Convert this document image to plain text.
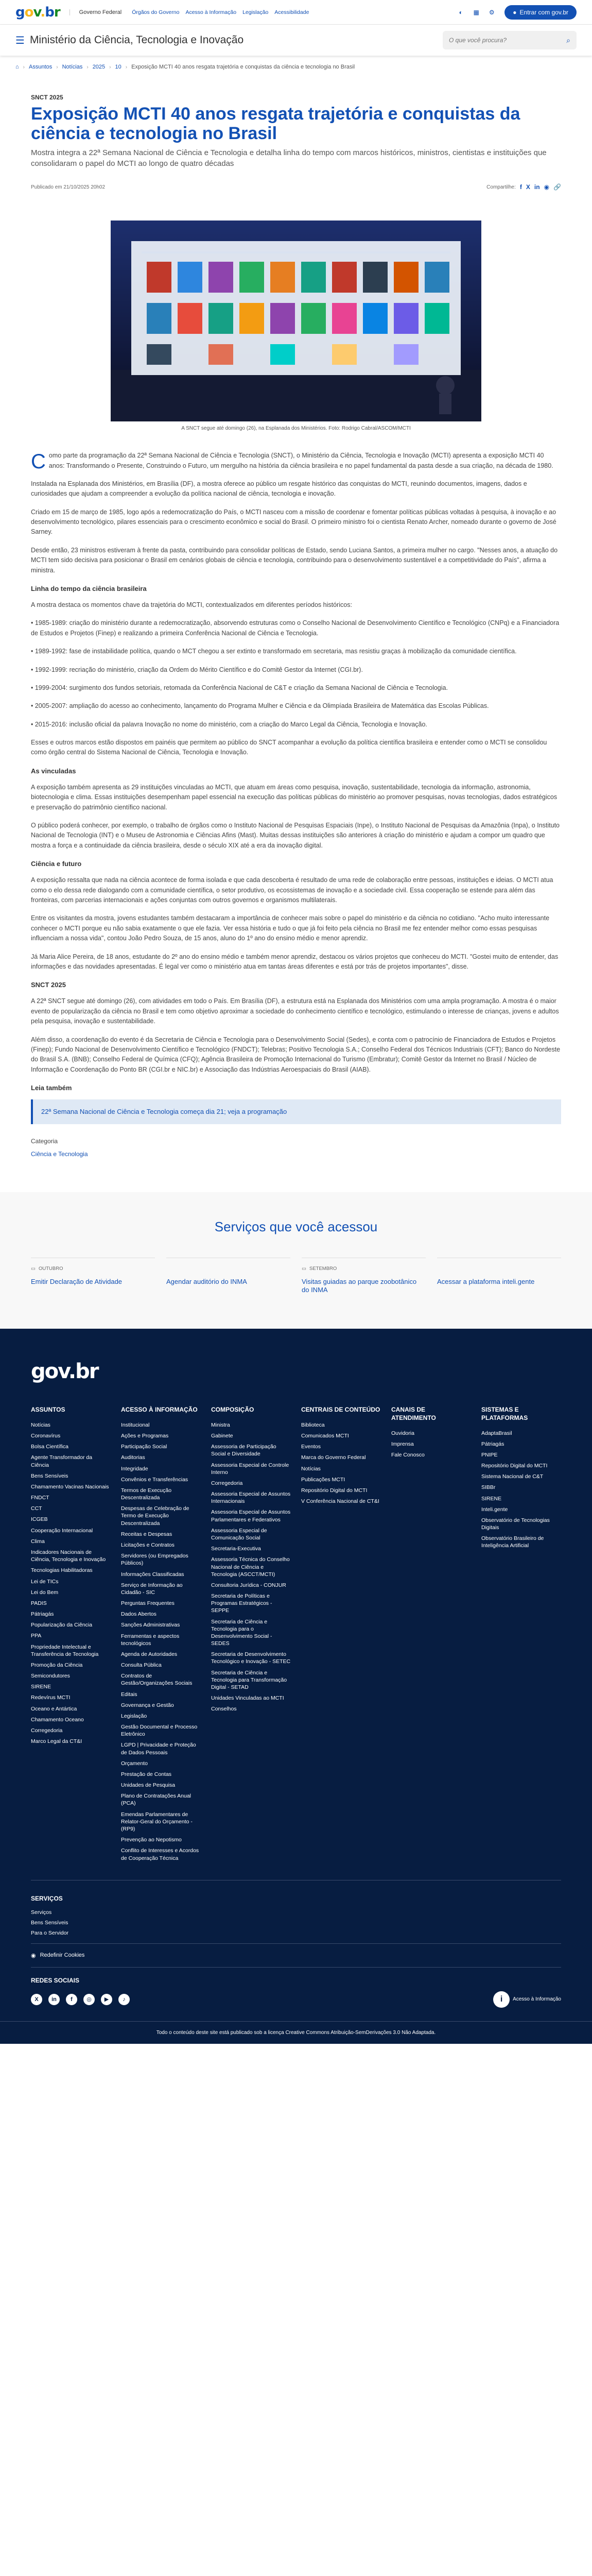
gov.br	Governo Federal Órgãos do Governo Acesso à Informação Legislação Acessibilidade	◐	▦	⚙	● Entrar com gov.br
☰ Ministério da Ciência, Tecnologia e Inovação
O que você procura?	⌕
⌂ › Assuntos › Notícias › 2025 › 10 › Exposição MCTI 40 anos resgata trajetória e conquistas da ciência e tecnologia no Brasil
SNCT 2025
Exposição MCTI 40 anos resgata trajetória e conquistas da ciência e tecnologia no Brasil
Mostra integra a 22ª Semana Nacional de Ciência e Tecnologia e detalha linha do tempo com marcos históricos, ministros, cientistas e instituições que consolidaram o papel do MCTI ao longo de quatro décadas
Publicado em 21/10/2025 20h02	Compartilhe: f X in ◉ 🔗
A SNCT segue até domingo (26), na Esplanada dos Ministérios. Foto: Rodrigo Cabral/ASCOM/MCTI

Como parte da programação da 22ª Semana Nacional de Ciência e Tecnologia (SNCT), o Ministério da Ciência, Tecnologia e Inovação (MCTI) apresenta a exposição MCTI 40 anos: Transformando o Presente, Construindo o Futuro, um mergulho na história da ciência brasileira e no papel fundamental da pasta desde a sua criação, na década de 1980.

Instalada na Esplanada dos Ministérios, em Brasília (DF), a mostra oferece ao público um resgate histórico das conquistas do MCTI, reunindo documentos, imagens, dados e curiosidades que ajudam a compreender a evolução da política nacional de ciência, tecnologia e inovação.

Criado em 15 de março de 1985, logo após a redemocratização do País, o MCTI nasceu com a missão de coordenar e fomentar políticas públicas voltadas à pesquisa, à inovação e ao desenvolvimento tecnológico, pilares essenciais para o crescimento econômico e social do Brasil. O primeiro ministro foi o cientista Renato Archer, nomeado durante o governo de José Sarney.

Desde então, 23 ministros estiveram à frente da pasta, contribuindo para consolidar políticas de Estado, sendo Luciana Santos, a primeira mulher no cargo. "Nesses anos, a atuação do MCTI tem sido decisiva para posicionar o Brasil em cenários globais de ciência e tecnologia, contribuindo para o desenvolvimento sustentável e a competitividade do País", afirma a ministra.

Linha do tempo da ciência brasileira

A mostra destaca os momentos chave da trajetória do MCTI, contextualizados em diferentes períodos históricos:

• 1985-1989: criação do ministério durante a redemocratização, absorvendo estruturas como o Conselho Nacional de Desenvolvimento Científico e Tecnológico (CNPq) e a Financiadora de Estudos e Projetos (Finep) e realizando a primeira Conferência Nacional de Ciência e Tecnologia.

• 1989-1992: fase de instabilidade política, quando o MCT chegou a ser extinto e transformado em secretaria, mas resistiu graças à mobilização da comunidade científica.

• 1992-1999: recriação do ministério, criação da Ordem do Mérito Científico e do Comitê Gestor da Internet (CGI.br).

• 1999-2004: surgimento dos fundos setoriais, retomada da Conferência Nacional de C&T e criação da Semana Nacional de Ciência e Tecnologia.

• 2005-2007: ampliação do acesso ao conhecimento, lançamento do Programa Mulher e Ciência e da Olimpíada Brasileira de Matemática das Escolas Públicas.

• 2015-2016: inclusão oficial da palavra Inovação no nome do ministério, com a criação do Marco Legal da Ciência, Tecnologia e Inovação.

Esses e outros marcos estão dispostos em painéis que permitem ao público do SNCT acompanhar a evolução da política científica brasileira e entender como o MCTI se consolidou como órgão central do Sistema Nacional de Ciência, Tecnologia e Inovação.

As vinculadas

A exposição também apresenta as 29 instituições vinculadas ao MCTI, que atuam em áreas como pesquisa, inovação, sustentabilidade, tecnologia da informação, astronomia, biotecnologia e clima. Essas instituições desempenham papel essencial na execução das políticas públicas do ministério ao promover pesquisas, novas tecnologias, dados estratégicos e preservação do patrimônio científico nacional.

O público poderá conhecer, por exemplo, o trabalho de órgãos como o Instituto Nacional de Pesquisas Espaciais (Inpe), o Instituto Nacional de Pesquisas da Amazônia (Inpa), o Instituto Nacional de Tecnologia (INT) e o Museu de Astronomia e Ciências Afins (Mast). Muitas dessas instituições são anteriores à criação do ministério e ajudam a compor um quadro que mostra a força e a continuidade da ciência brasileira, desde o século XIX até a era da inovação digital.

Ciência e futuro

A exposição ressalta que nada na ciência acontece de forma isolada e que cada descoberta é resultado de uma rede de colaboração entre pessoas, instituições e ideias. O MCTI atua como o elo dessa rede dialogando com a comunidade científica, o setor produtivo, os ecossistemas de inovação e a sociedade civil. Essa cooperação se estende para além das fronteiras, com parcerias internacionais e ações conjuntas com outros governos e organismos multilaterais.

Entre os visitantes da mostra, jovens estudantes também destacaram a importância de conhecer mais sobre o papel do ministério e da ciência no cotidiano. "Acho muito interessante conhecer o MCTI porque eu não sabia exatamente o que ele fazia. Ver essa história e tudo o que já foi feito pela ciência no Brasil me fez entender melhor como essas pesquisas influenciam a nossa vida", contou João Pedro Souza, de 15 anos, aluno do 1º ano do ensino médio e menor aprendiz.

Já Maria Alice Pereira, de 18 anos, estudante do 2º ano do ensino médio e também menor aprendiz, destacou os vários projetos que conheceu do MCTI. "Gostei muito de entender, das informações e das novidades apresentadas. É legal ver como o ministério atua em tantas áreas diferentes e está por trás de projetos importantes", disse.

SNCT 2025

A 22ª SNCT segue até domingo (26), com atividades em todo o País. Em Brasília (DF), a estrutura está na Esplanada dos Ministérios com uma ampla programação. A mostra é o maior evento de popularização da ciência no Brasil e tem como objetivo aproximar a sociedade do conhecimento científico e tecnológico, estimulando o interesse de crianças, jovens e adultos pela pesquisa, inovação e sustentabilidade.

Além disso, a coordenação do evento é da Secretaria de Ciência e Tecnologia para o Desenvolvimento Social (Sedes), e conta com o patrocínio de Financiadora de Estudos e Projetos (Finep); Fundo Nacional de Desenvolvimento Científico e Tecnológico (FNDCT); Telebras; Positivo Tecnologia S.A.; Conselho Federal dos Técnicos Industriais (CFT); Banco do Nordeste do Brasil S.A. (BNB); Conselho Federal de Química (CFQ); Agência Brasileira de Promoção Internacional do Turismo (Embratur); Comitê Gestor da Internet no Brasil / Núcleo de Informação e Coordenação do Ponto BR (CGI.br e NIC.br) e Associação das Indústrias Aeroespaciais do Brasil (AIAB).

Leia também
22ª Semana Nacional de Ciência e Tecnologia começa dia 21; veja a programação
Categoria
Ciência e Tecnologia
Serviços que você acessou
▭ OUTUBRO
Emitir Declaração de Atividade	Agendar auditório do INMA
▭ SETEMBRO
Visitas guiadas ao parque zoobotânico do INMA
Acessar a plataforma inteli.gente
gov.br
ASSUNTOS
Notícias
Coronavírus
Bolsa Científica
Agente Transformador da Ciência
Bens Sensíveis
Chamamento Vacinas Nacionais
FNDCT
CCT
ICGEB
Cooperação Internacional
Clima
Indicadores Nacionais de Ciência, Tecnologia e Inovação
Tecnologias Habilitadoras
Lei de TICs
Lei do Bem
PADIS
Pátriagás
Popularização da Ciência
PPA
Propriedade Intelectual e Transferência de Tecnologia
Promoção da Ciência
Semicondutores
SIRENE
Redevírus MCTI
Oceano e Antártica
Chamamento Oceano
Corregedoria
Marco Legal da CT&I
ACESSO À INFORMAÇÃO
Institucional
Ações e Programas
Participação Social
Auditorias
Integridade
Convênios e Transferências
Termos de Execução Descentralizada
Despesas de Celebração de Termo de Execução Descentralizada
Receitas e Despesas
Licitações e Contratos
Servidores (ou Empregados Públicos)
Informações Classificadas
Serviço de Informação ao Cidadão - SIC
Perguntas Frequentes
Dados Abertos
Sanções Administrativas
Ferramentas e aspectos tecnológicos
Agenda de Autoridades
Consulta Pública
Contratos de Gestão/Organizações Sociais
Editais
Governança e Gestão
Legislação
Gestão Documental e Processo Eletrônico
LGPD | Privacidade e Proteção de Dados Pessoais
Orçamento
Prestação de Contas
Unidades de Pesquisa
Plano de Contratações Anual (PCA)
Emendas Parlamentares de Relator-Geral do Orçamento - (RP9)
Prevenção ao Nepotismo
Conflito de Interesses e Acordos de Cooperação Técnica
COMPOSIÇÃO
Ministra
Gabinete
Assessoria de Participação Social e Diversidade
Assessoria Especial de Controle Interno
Corregedoria
Assessoria Especial de Assuntos Internacionais
Assessoria Especial de Assuntos Parlamentares e Federativos
Assessoria Especial de Comunicação Social
Secretaria-Executiva
Assessoria Técnica do Conselho Nacional de Ciência e Tecnologia (ASCCT/MCTI)
Consultoria Jurídica - CONJUR
Secretaria de Políticas e Programas Estratégicos - SEPPE
Secretaria de Ciência e Tecnologia para o Desenvolvimento Social - SEDES
Secretaria de Desenvolvimento Tecnológico e Inovação - SETEC
Secretaria de Ciência e Tecnologia para Transformação Digital - SETAD
Unidades Vinculadas ao MCTI
Conselhos
CENTRAIS DE CONTEÚDO
Biblioteca
Comunicados MCTI
Eventos
Marca do Governo Federal
Notícias
Publicações MCTI
Repositório Digital do MCTI
V Conferência Nacional de CT&I
CANAIS DE ATENDIMENTO
Ouvidoria
Imprensa
Fale Conosco
SISTEMAS E PLATAFORMAS
AdaptaBrasil
Pátriagás
PNIPE
Repositório Digital do MCTI
Sistema Nacional de C&T
SIBBr
SIRENE
Inteli.gente
Observatório de Tecnologias Digitais
Observatório Brasileiro de Inteligência Artificial
SERVIÇOS
Serviços
Bens Sensíveis
Para o Servidor
◉ Redefinir Cookies
REDES SOCIAIS
X	in	f	◎	▶	♪	i	Acesso à Informação
Todo o conteúdo deste site está publicado sob a licença Creative Commons Atribuição-SemDerivações 3.0 Não Adaptada.
